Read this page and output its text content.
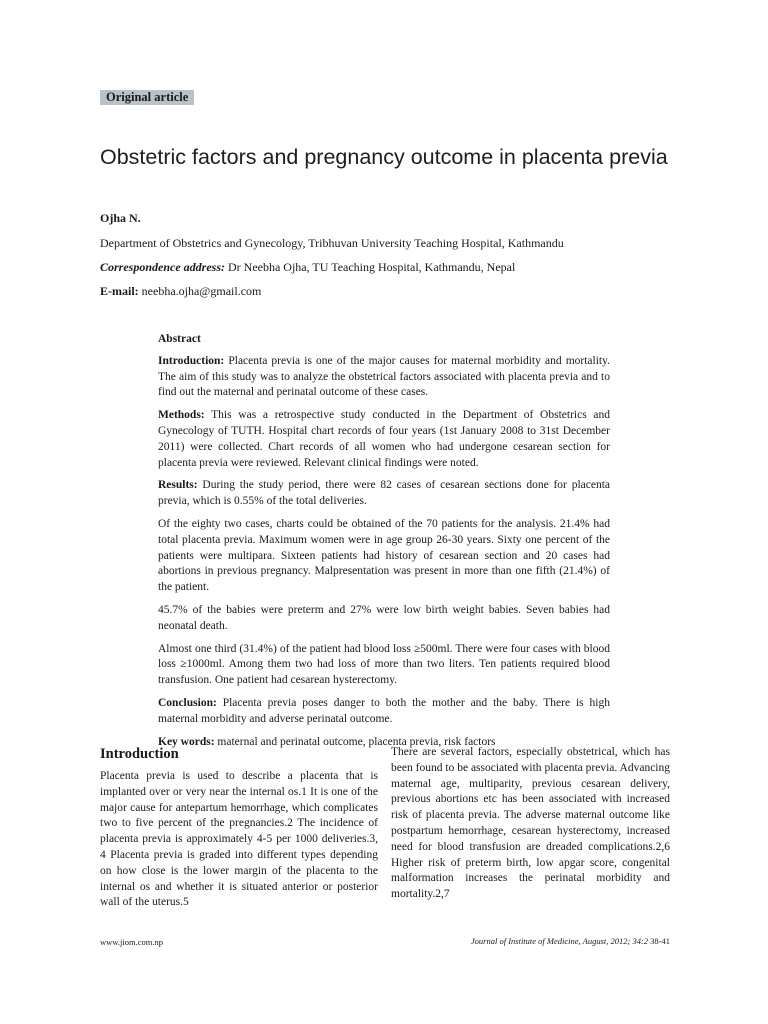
Original article
Obstetric factors and pregnancy outcome in placenta previa
Ojha N.
Department of Obstetrics and Gynecology, Tribhuvan University Teaching Hospital, Kathmandu
Correspondence address: Dr Neebha Ojha, TU Teaching Hospital, Kathmandu, Nepal
E-mail: neebha.ojha@gmail.com
Abstract

Introduction: Placenta previa is one of the major causes for maternal morbidity and mortality. The aim of this study was to analyze the obstetrical factors associated with placenta previa and to find out the maternal and perinatal outcome of these cases.

Methods: This was a retrospective study conducted in the Department of Obstetrics and Gynecology of TUTH. Hospital chart records of four years (1st January 2008 to 31st December 2011) were collected. Chart records of all women who had undergone cesarean section for placenta previa were reviewed. Relevant clinical findings were noted.

Results: During the study period, there were 82 cases of cesarean sections done for placenta previa, which is 0.55% of the total deliveries.

Of the eighty two cases, charts could be obtained of the 70 patients for the analysis. 21.4% had total placenta previa. Maximum women were in age group 26-30 years. Sixty one percent of the patients were multipara. Sixteen patients had history of cesarean section and 20 cases had abortions in previous pregnancy. Malpresentation was present in more than one fifth (21.4%) of the patient.

45.7% of the babies were preterm and 27% were low birth weight babies. Seven babies had neonatal death.

Almost one third (31.4%) of the patient had blood loss ≥500ml. There were four cases with blood loss ≥1000ml. Among them two had loss of more than two liters. Ten patients required blood transfusion. One patient had cesarean hysterectomy.

Conclusion: Placenta previa poses danger to both the mother and the baby. There is high maternal morbidity and adverse perinatal outcome.

Key words: maternal and perinatal outcome, placenta previa, risk factors

Introduction

Placenta previa is used to describe a placenta that is implanted over or very near the internal os.1 It is one of the major cause for antepartum hemorrhage, which complicates two to five percent of the pregnancies.2 The incidence of placenta previa is approximately 4-5 per 1000 deliveries.3, 4 Placenta previa is graded into different types depending on how close is the lower margin of the placenta to the internal os and whether it is situated anterior or posterior wall of the uterus.5

There are several factors, especially obstetrical, which has been found to be associated with placenta previa. Advancing maternal age, multiparity, previous cesarean delivery, previous abortions etc has been associated with increased risk of placenta previa. The adverse maternal outcome like postpartum hemorrhage, cesarean hysterectomy, increased need for blood transfusion are dreaded complications.2,6 Higher risk of preterm birth, low apgar score, congenital malformation increases the perinatal morbidity and mortality.2,7

www.jiom.com.np	Journal of Institute of Medicine, August, 2012; 34:2 38-41
